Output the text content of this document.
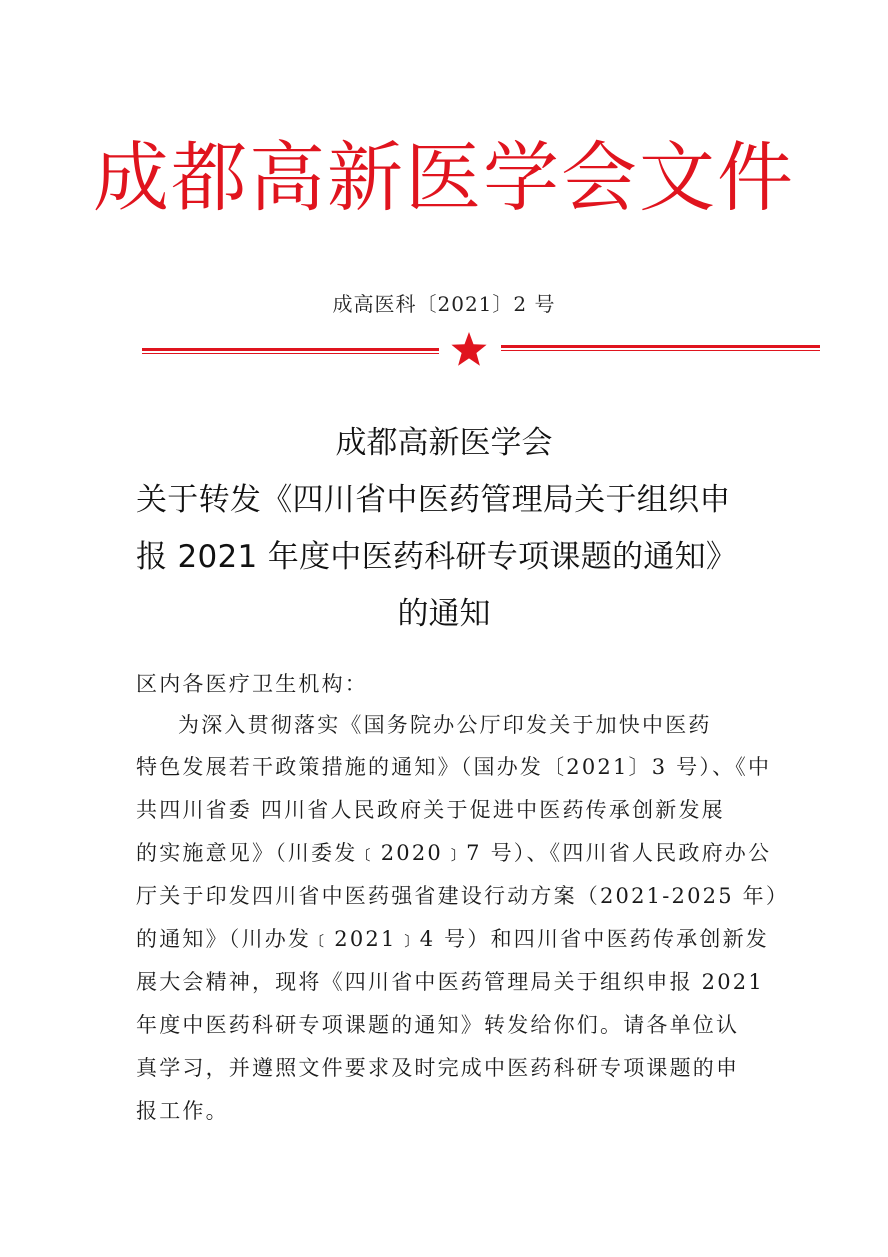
成都高新医学会文件
成高医科〔2021〕2 号
成都高新医学会
关于转发《四川省中医药管理局关于组织申
报 2021 年度中医药科研专项课题的通知》
的通知
区内各医疗卫生机构：
为深入贯彻落实《国务院办公厅印发关于加快中医药
特色发展若干政策措施的通知》（国办发〔2021〕3 号）、《中
共四川省委 四川省人民政府关于促进中医药传承创新发展
的实施意见》（川委发﹝2020﹞7 号）、《四川省人民政府办公
厅关于印发四川省中医药强省建设行动方案（2021-2025 年）
的通知》（川办发﹝2021﹞4 号）和四川省中医药传承创新发
展大会精神，现将《四川省中医药管理局关于组织申报 2021
年度中医药科研专项课题的通知》转发给你们。请各单位认
真学习，并遵照文件要求及时完成中医药科研专项课题的申
报工作。
